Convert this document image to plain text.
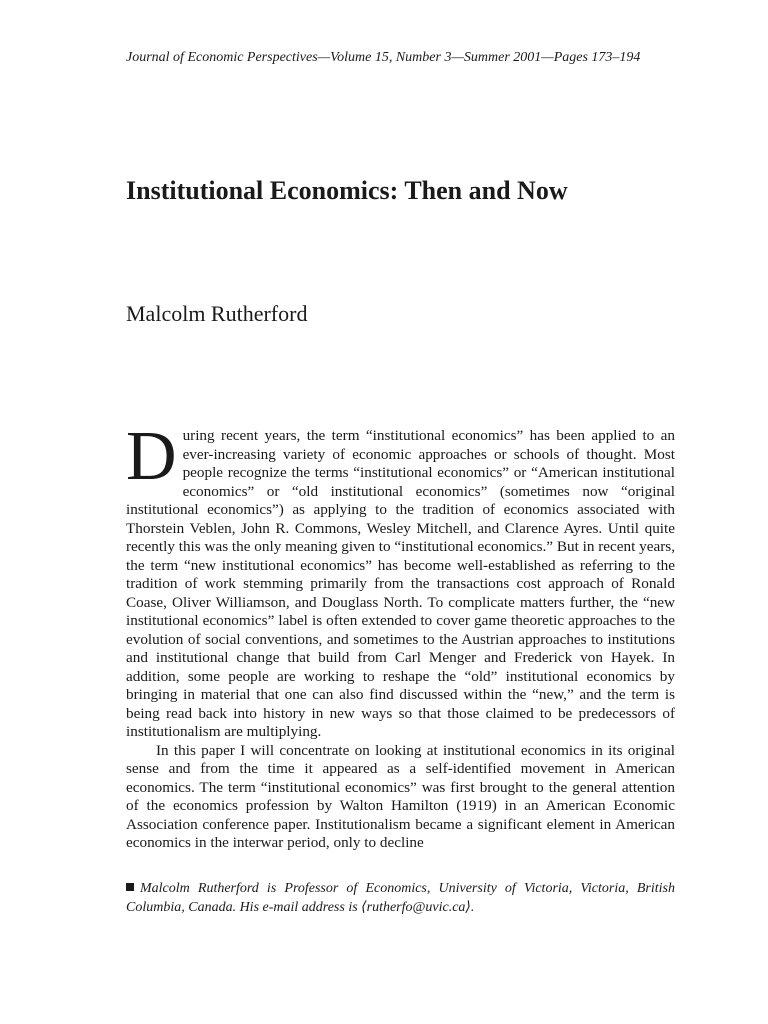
Journal of Economic Perspectives—Volume 15, Number 3—Summer 2001—Pages 173–194
Institutional Economics: Then and Now
Malcolm Rutherford

During recent years, the term “institutional economics” has been applied to an ever-increasing variety of economic approaches or schools of thought. Most people recognize the terms “institutional economics” or “American institutional economics” or “old institutional economics” (sometimes now “original institutional economics”) as applying to the tradition of economics associated with Thorstein Veblen, John R. Commons, Wesley Mitchell, and Clarence Ayres. Until quite recently this was the only meaning given to “institutional economics.” But in recent years, the term “new institutional economics” has become well-established as referring to the tradition of work stemming primarily from the transactions cost approach of Ronald Coase, Oliver Williamson, and Douglass North. To complicate matters further, the “new institutional economics” label is often extended to cover game theoretic approaches to the evolution of social conventions, and sometimes to the Austrian approaches to institutions and institutional change that build from Carl Menger and Frederick von Hayek. In addition, some people are working to reshape the “old” institutional economics by bringing in material that one can also find discussed within the “new,” and the term is being read back into history in new ways so that those claimed to be predecessors of institutionalism are multiplying.

In this paper I will concentrate on looking at institutional economics in its original sense and from the time it appeared as a self-identified movement in American economics. The term “institutional economics” was first brought to the general attention of the economics profession by Walton Hamilton (1919) in an American Economic Association conference paper. Institutionalism became a significant element in American economics in the interwar period, only to decline

Malcolm Rutherford is Professor of Economics, University of Victoria, Victoria, British Columbia, Canada. His e-mail address is ⟨rutherfo@uvic.ca⟩.
